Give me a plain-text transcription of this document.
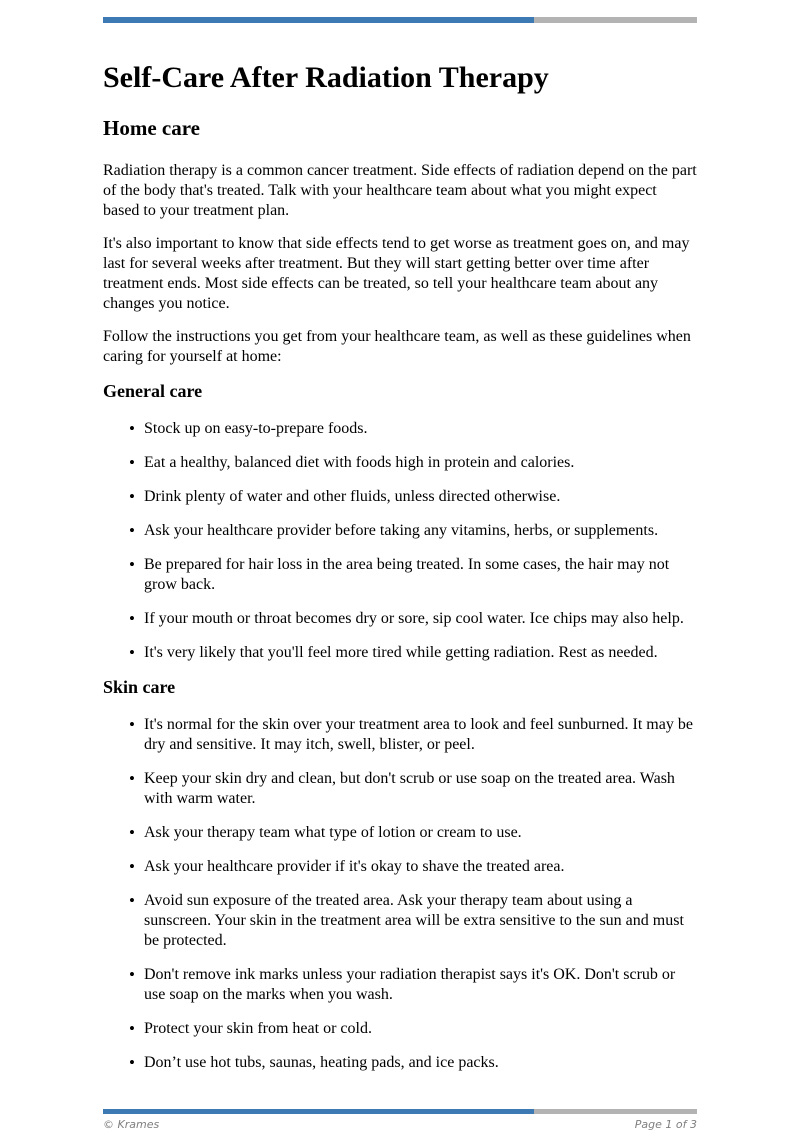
Self-Care After Radiation Therapy
Home care

Radiation therapy is a common cancer treatment. Side effects of radiation depend on the part of the body that's treated. Talk with your healthcare team about what you might expect based to your treatment plan.

It's also important to know that side effects tend to get worse as treatment goes on, and may last for several weeks after treatment. But they will start getting better over time after treatment ends. Most side effects can be treated, so tell your healthcare team about any changes you notice.

Follow the instructions you get from your healthcare team, as well as these guidelines when caring for yourself at home:

General care
• Stock up on easy-to-prepare foods.
• Eat a healthy, balanced diet with foods high in protein and calories.
• Drink plenty of water and other fluids, unless directed otherwise.
• Ask your healthcare provider before taking any vitamins, herbs, or supplements.
• Be prepared for hair loss in the area being treated. In some cases, the hair may not grow back.
• If your mouth or throat becomes dry or sore, sip cool water. Ice chips may also help.
• It's very likely that you'll feel more tired while getting radiation. Rest as needed.
Skin care
• It's normal for the skin over your treatment area to look and feel sunburned. It may be dry and sensitive. It may itch, swell, blister, or peel.
• Keep your skin dry and clean, but don't scrub or use soap on the treated area. Wash with warm water.
• Ask your therapy team what type of lotion or cream to use.
• Ask your healthcare provider if it's okay to shave the treated area.
• Avoid sun exposure of the treated area. Ask your therapy team about using a sunscreen. Your skin in the treatment area will be extra sensitive to the sun and must be protected.
• Don't remove ink marks unless your radiation therapist says it's OK. Don't scrub or use soap on the marks when you wash.
• Protect your skin from heat or cold.
• Don’t use hot tubs, saunas, heating pads, and ice packs.
© Krames	Page 1 of 3
